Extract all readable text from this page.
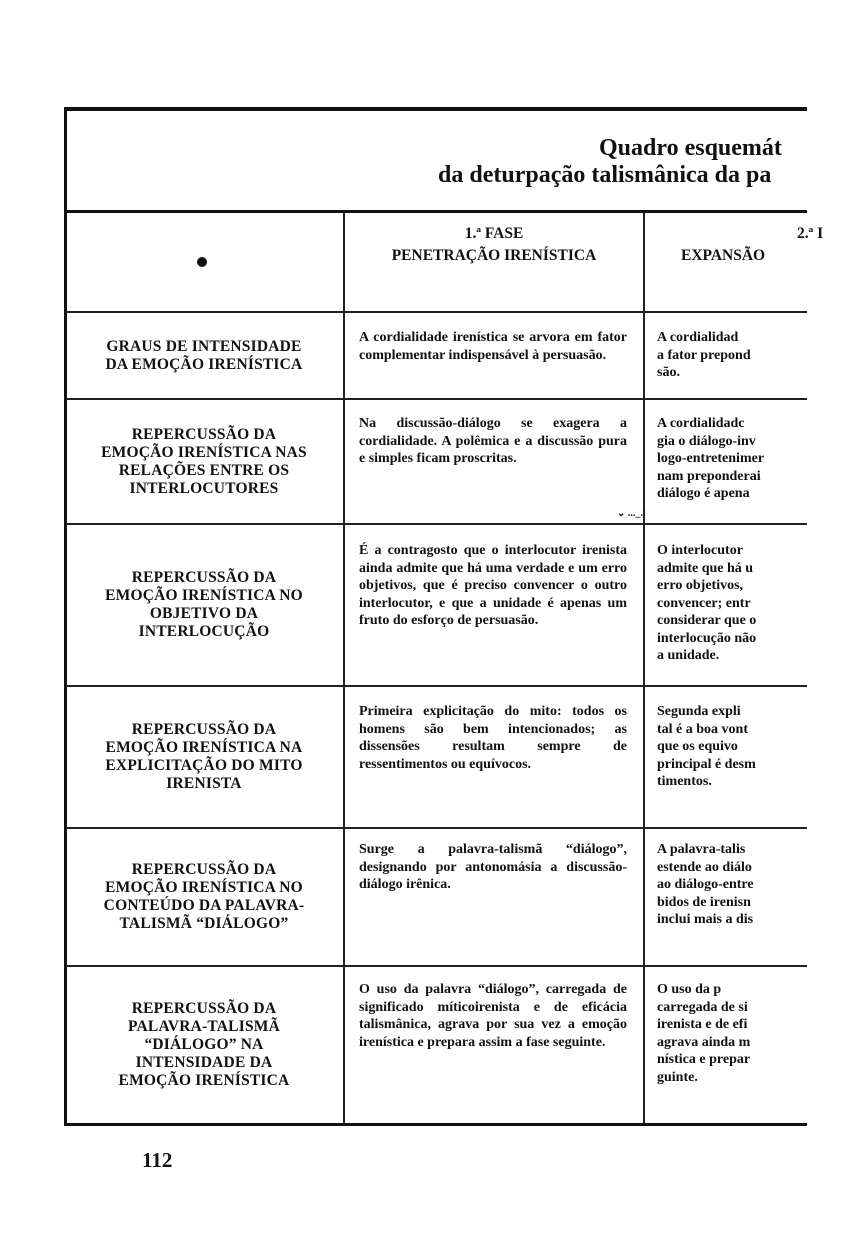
Quadro esquemát
da deturpação talismânica da pa
1.ª FASE
PENETRAÇÃO IRENÍSTICA
2.ª I
EXPANSÃO
GRAUS DE INTENSIDADE
DA EMOÇÃO IRENÍSTICA
A cordialidade irenística se arvora em fator complementar indispensável à persuasão.
A cordialidad
a fator prepond
são.
⌄ ..._.'
REPERCUSSÃO DA
EMOÇÃO IRENÍSTICA NAS
RELAÇÕES ENTRE OS
INTERLOCUTORES
Na discussão-diálogo se exagera a cordialidade. A polêmica e a discussão pura e simples ficam proscritas.
A cordialidadc
gia o diálogo-inv
logo-entretenimer
nam preponderai
diálogo é apena
REPERCUSSÃO DA
EMOÇÃO IRENÍSTICA NO
OBJETIVO DA
INTERLOCUÇÃO
É a contragosto que o interlocutor irenista ainda admite que há uma verdade e um erro objetivos, que é preciso convencer o outro interlocutor, e que a unidade é apenas um fruto do esforço de persuasão.
O interlocutor
admite que há u
erro objetivos,
convencer; entr
considerar que o
interlocução não
a unidade.
REPERCUSSÃO DA
EMOÇÃO IRENÍSTICA NA
EXPLICITAÇÃO DO MITO
IRENISTA
Primeira explicitação do mito: todos os homens são bem intencionados; as dissensões resultam sempre de ressentimentos ou equívocos.
Segunda expli
tal é a boa vont
que os equivo
principal é desm
timentos.
REPERCUSSÃO DA
EMOÇÃO IRENÍSTICA NO
CONTEÚDO DA PALAVRA-
TALISMÃ “DIÁLOGO”
Surge a palavra-talismã “diálogo”, designando por antonomásia a discussão-diálogo irênica.
A palavra-talis
estende ao diálo
ao diálogo-entre
bidos de irenisn
inclui mais a dis
REPERCUSSÃO DA
PALAVRA-TALISMÃ
“DIÁLOGO” NA
INTENSIDADE DA
EMOÇÃO IRENÍSTICA
O uso da palavra “diálogo”, carregada de significado míticoirenista e de eficácia talismânica, agrava por sua vez a emoção irenística e prepara assim a fase seguinte.
O uso da p
carregada de si
irenista e de efi
agrava ainda m
nística e prepar
guinte.
112
